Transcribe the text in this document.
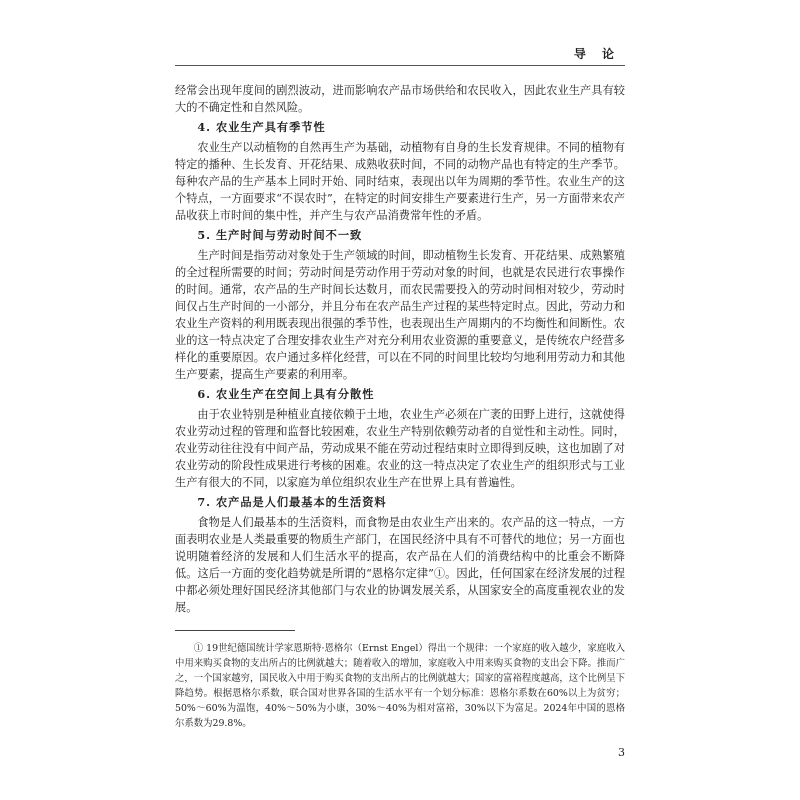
导 论

经常会出现年度间的剧烈波动，进而影响农产品市场供给和农民收入，因此农业生产具有较大的不确定性和自然风险。

4. 农业生产具有季节性

农业生产以动植物的自然再生产为基础，动植物有自身的生长发育规律。不同的植物有特定的播种、生长发育、开花结果、成熟收获时间，不同的动物产品也有特定的生产季节。每种农产品的生产基本上同时开始、同时结束，表现出以年为周期的季节性。农业生产的这个特点，一方面要求“不误农时”，在特定的时间安排生产要素进行生产，另一方面带来农产品收获上市时间的集中性，并产生与农产品消费常年性的矛盾。

5. 生产时间与劳动时间不一致

生产时间是指劳动对象处于生产领域的时间，即动植物生长发育、开花结果、成熟繁殖的全过程所需要的时间；劳动时间是劳动作用于劳动对象的时间，也就是农民进行农事操作的时间。通常，农产品的生产时间长达数月，而农民需要投入的劳动时间相对较少，劳动时间仅占生产时间的一小部分，并且分布在农产品生产过程的某些特定时点。因此，劳动力和农业生产资料的利用既表现出很强的季节性，也表现出生产周期内的不均衡性和间断性。农业的这一特点决定了合理安排农业生产对充分利用农业资源的重要意义，是传统农户经营多样化的重要原因。农户通过多样化经营，可以在不同的时间里比较均匀地利用劳动力和其他生产要素，提高生产要素的利用率。

6. 农业生产在空间上具有分散性

由于农业特别是种植业直接依赖于土地，农业生产必须在广袤的田野上进行，这就使得农业劳动过程的管理和监督比较困难，农业生产特别依赖劳动者的自觉性和主动性。同时，农业劳动往往没有中间产品，劳动成果不能在劳动过程结束时立即得到反映，这也加剧了对农业劳动的阶段性成果进行考核的困难。农业的这一特点决定了农业生产的组织形式与工业生产有很大的不同，以家庭为单位组织农业生产在世界上具有普遍性。

7. 农产品是人们最基本的生活资料

食物是人们最基本的生活资料，而食物是由农业生产出来的。农产品的这一特点，一方面表明农业是人类最重要的物质生产部门，在国民经济中具有不可替代的地位；另一方面也说明随着经济的发展和人们生活水平的提高，农产品在人们的消费结构中的比重会不断降低。这后一方面的变化趋势就是所谓的“恩格尔定律”①。因此，任何国家在经济发展的过程中都必须处理好国民经济其他部门与农业的协调发展关系，从国家安全的高度重视农业的发展。

① 19世纪德国统计学家恩斯特·恩格尔（Ernst Engel）得出一个规律：一个家庭的收入越少，家庭收入中用来购买食物的支出所占的比例就越大；随着收入的增加，家庭收入中用来购买食物的支出会下降。推而广之，一个国家越穷，国民收入中用于购买食物的支出所占的比例就越大；国家的富裕程度越高，这个比例呈下降趋势。根据恩格尔系数，联合国对世界各国的生活水平有一个划分标准：恩格尔系数在60%以上为贫穷；50%～60%为温饱，40%～50%为小康，30%～40%为相对富裕，30%以下为富足。2024年中国的恩格尔系数为29.8%。

3
